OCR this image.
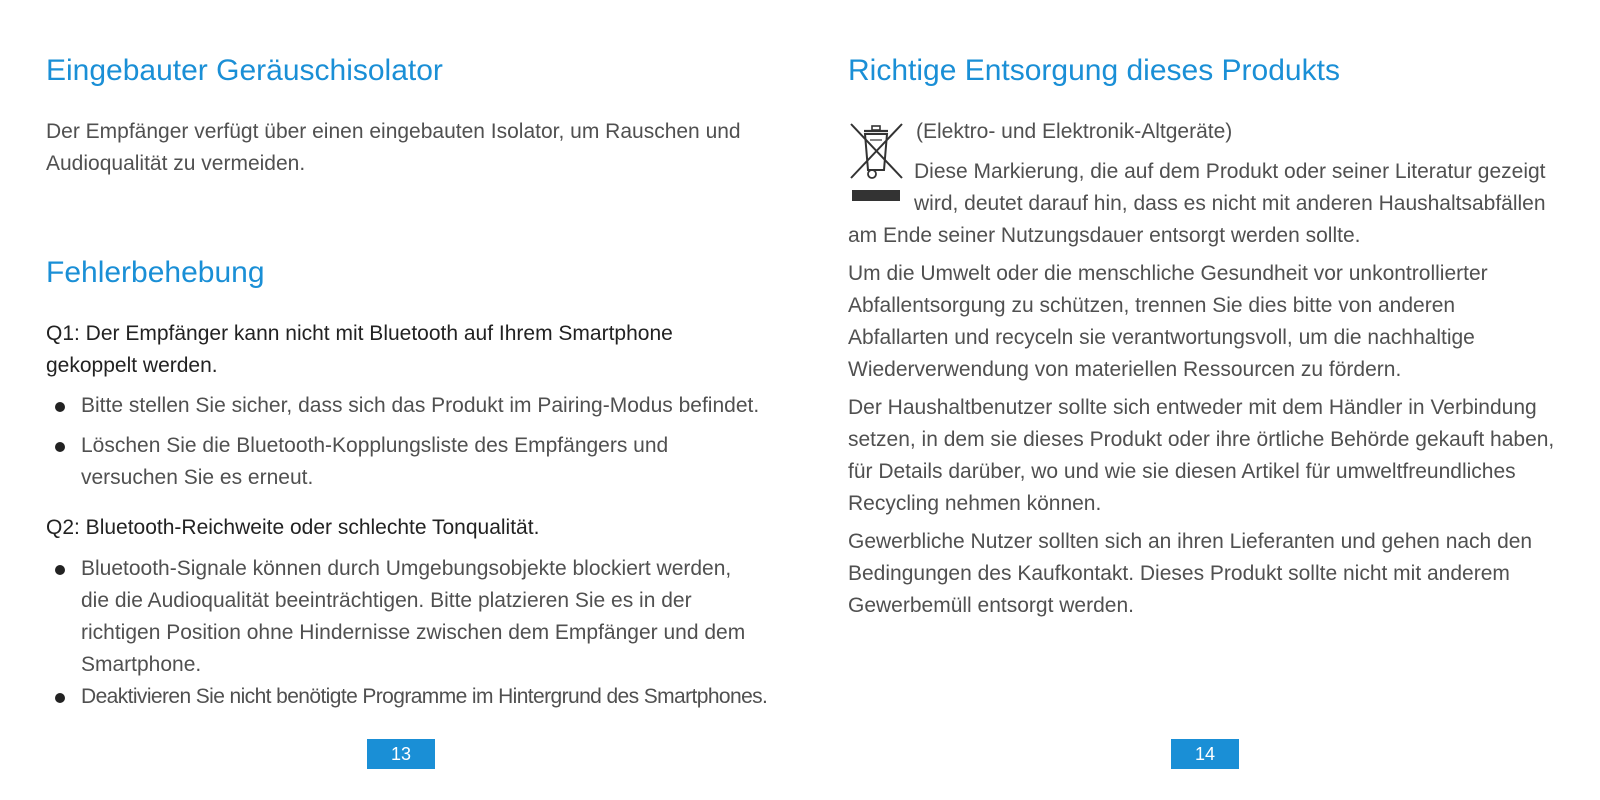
Eingebauter Geräuschisolator

Der Empfänger verfügt über einen eingebauten Isolator, um Rauschen und Audioqualität zu vermeiden.

Fehlerbehebung

Q1: Der Empfänger kann nicht mit Bluetooth auf Ihrem Smartphone gekoppelt werden.

Bitte stellen Sie sicher, dass sich das Produkt im Pairing-Modus befindet.
Löschen Sie die Bluetooth-Kopplungsliste des Empfängers und versuchen Sie es erneut.

Q2: Bluetooth-Reichweite oder schlechte Tonqualität.

Bluetooth-Signale können durch Umgebungsobjekte blockiert werden, die die Audioqualität beeinträchtigen. Bitte platzieren Sie es in der richtigen Position ohne Hindernisse zwischen dem Empfänger und dem Smartphone.
Deaktivieren Sie nicht benötigte Programme im Hintergrund des Smartphones.
13
Richtige Entsorgung dieses Produkts

(Elektro- und Elektronik-Altgeräte)

Diese Markierung, die auf dem Produkt oder seiner Literatur gezeigt wird, deutet darauf hin, dass es nicht mit anderen Haushaltsabfällen am Ende seiner Nutzungsdauer entsorgt werden sollte.

Um die Umwelt oder die menschliche Gesundheit vor unkontrollierter Abfallentsorgung zu schützen, trennen Sie dies bitte von anderen Abfallarten und recyceln sie verantwortungsvoll, um die nachhaltige Wiederverwendung von materiellen Ressourcen zu fördern.

Der Haushaltbenutzer sollte sich entweder mit dem Händler in Verbindung setzen, in dem sie dieses Produkt oder ihre örtliche Behörde gekauft haben, für Details darüber, wo und wie sie diesen Artikel für umweltfreundliches Recycling nehmen können.

Gewerbliche Nutzer sollten sich an ihren Lieferanten und gehen nach den Bedingungen des Kaufkontakt. Dieses Produkt sollte nicht mit anderem Gewerbemüll entsorgt werden.

14
